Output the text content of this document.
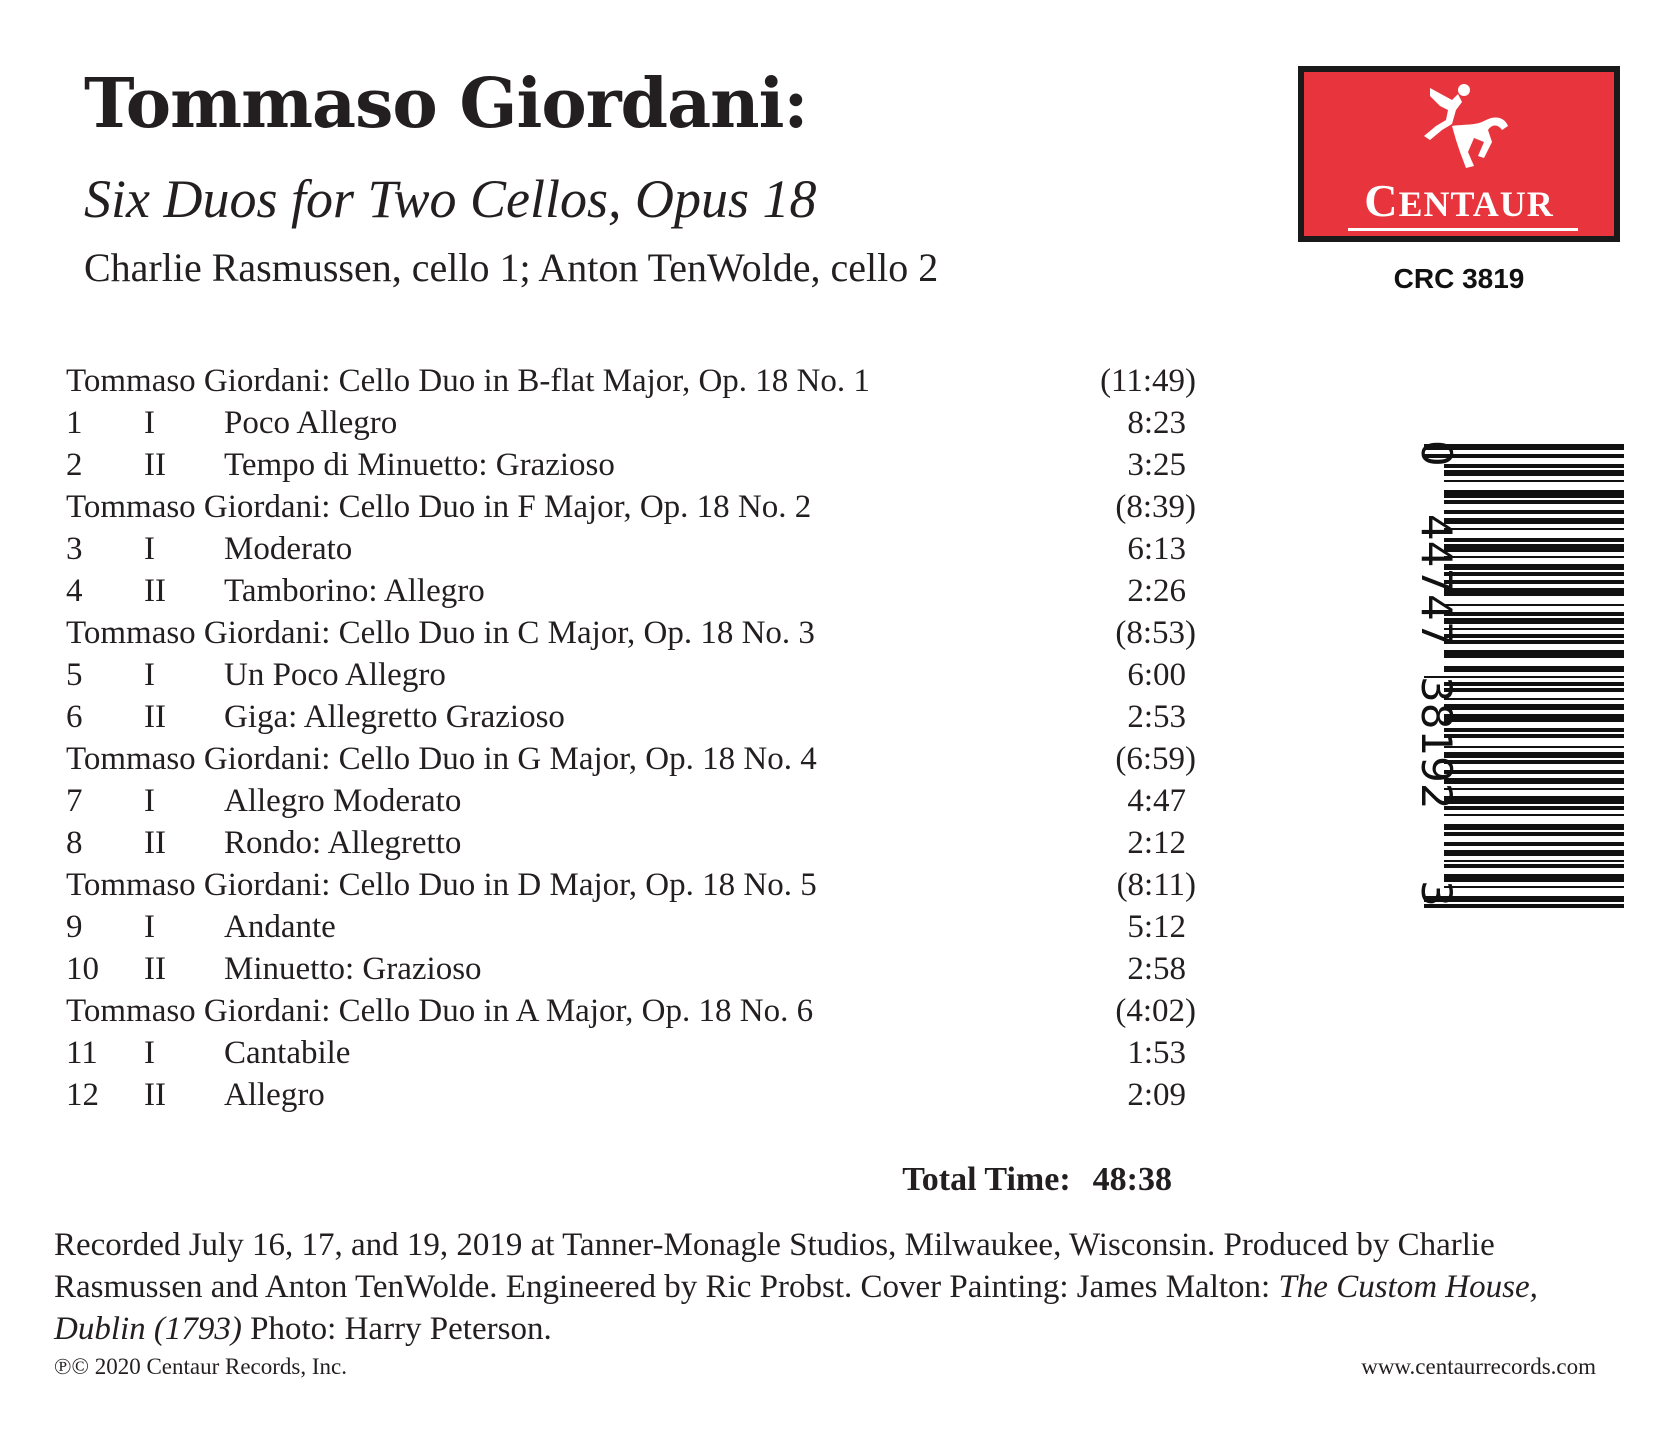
Tommaso Giordani:

Six Duos for Two Cellos, Opus 18

Charlie Rasmussen, cello 1; Anton TenWolde, cello 2

CENTAUR
CRC 3819
Tommaso Giordani: Cello Duo in B-flat Major, Op. 18 No. 1	(11:49)
1 I Poco Allegro	8:23
2 II Tempo di Minuetto: Grazioso	3:25
Tommaso Giordani: Cello Duo in F Major, Op. 18 No. 2	(8:39)
3 I Moderato	6:13
4 II Tamborino: Allegro	2:26
Tommaso Giordani: Cello Duo in C Major, Op. 18 No. 3	(8:53)
5 I Un Poco Allegro	6:00
6 II Giga: Allegretto Grazioso	2:53
Tommaso Giordani: Cello Duo in G Major, Op. 18 No. 4	(6:59)
7 I Allegro Moderato	4:47
8 II Rondo: Allegretto	2:12
Tommaso Giordani: Cello Duo in D Major, Op. 18 No. 5	(8:11)
9 I Andante	5:12
10 II Minuetto: Grazioso	2:58
Tommaso Giordani: Cello Duo in A Major, Op. 18 No. 6	(4:02)
11 I Cantabile	1:53
12 II Allegro	2:09

Total Time: 48:38

Recorded July 16, 17, and 19, 2019 at Tanner-Monagle Studios, Milwaukee, Wisconsin. Produced by Charlie Rasmussen and Anton TenWolde. Engineered by Ric Probst. Cover Painting: James Malton: The Custom House, Dublin (1793) Photo: Harry Peterson.

℗© 2020 Centaur Records, Inc.	www.centaurrecords.com

0
44747
38192
3
